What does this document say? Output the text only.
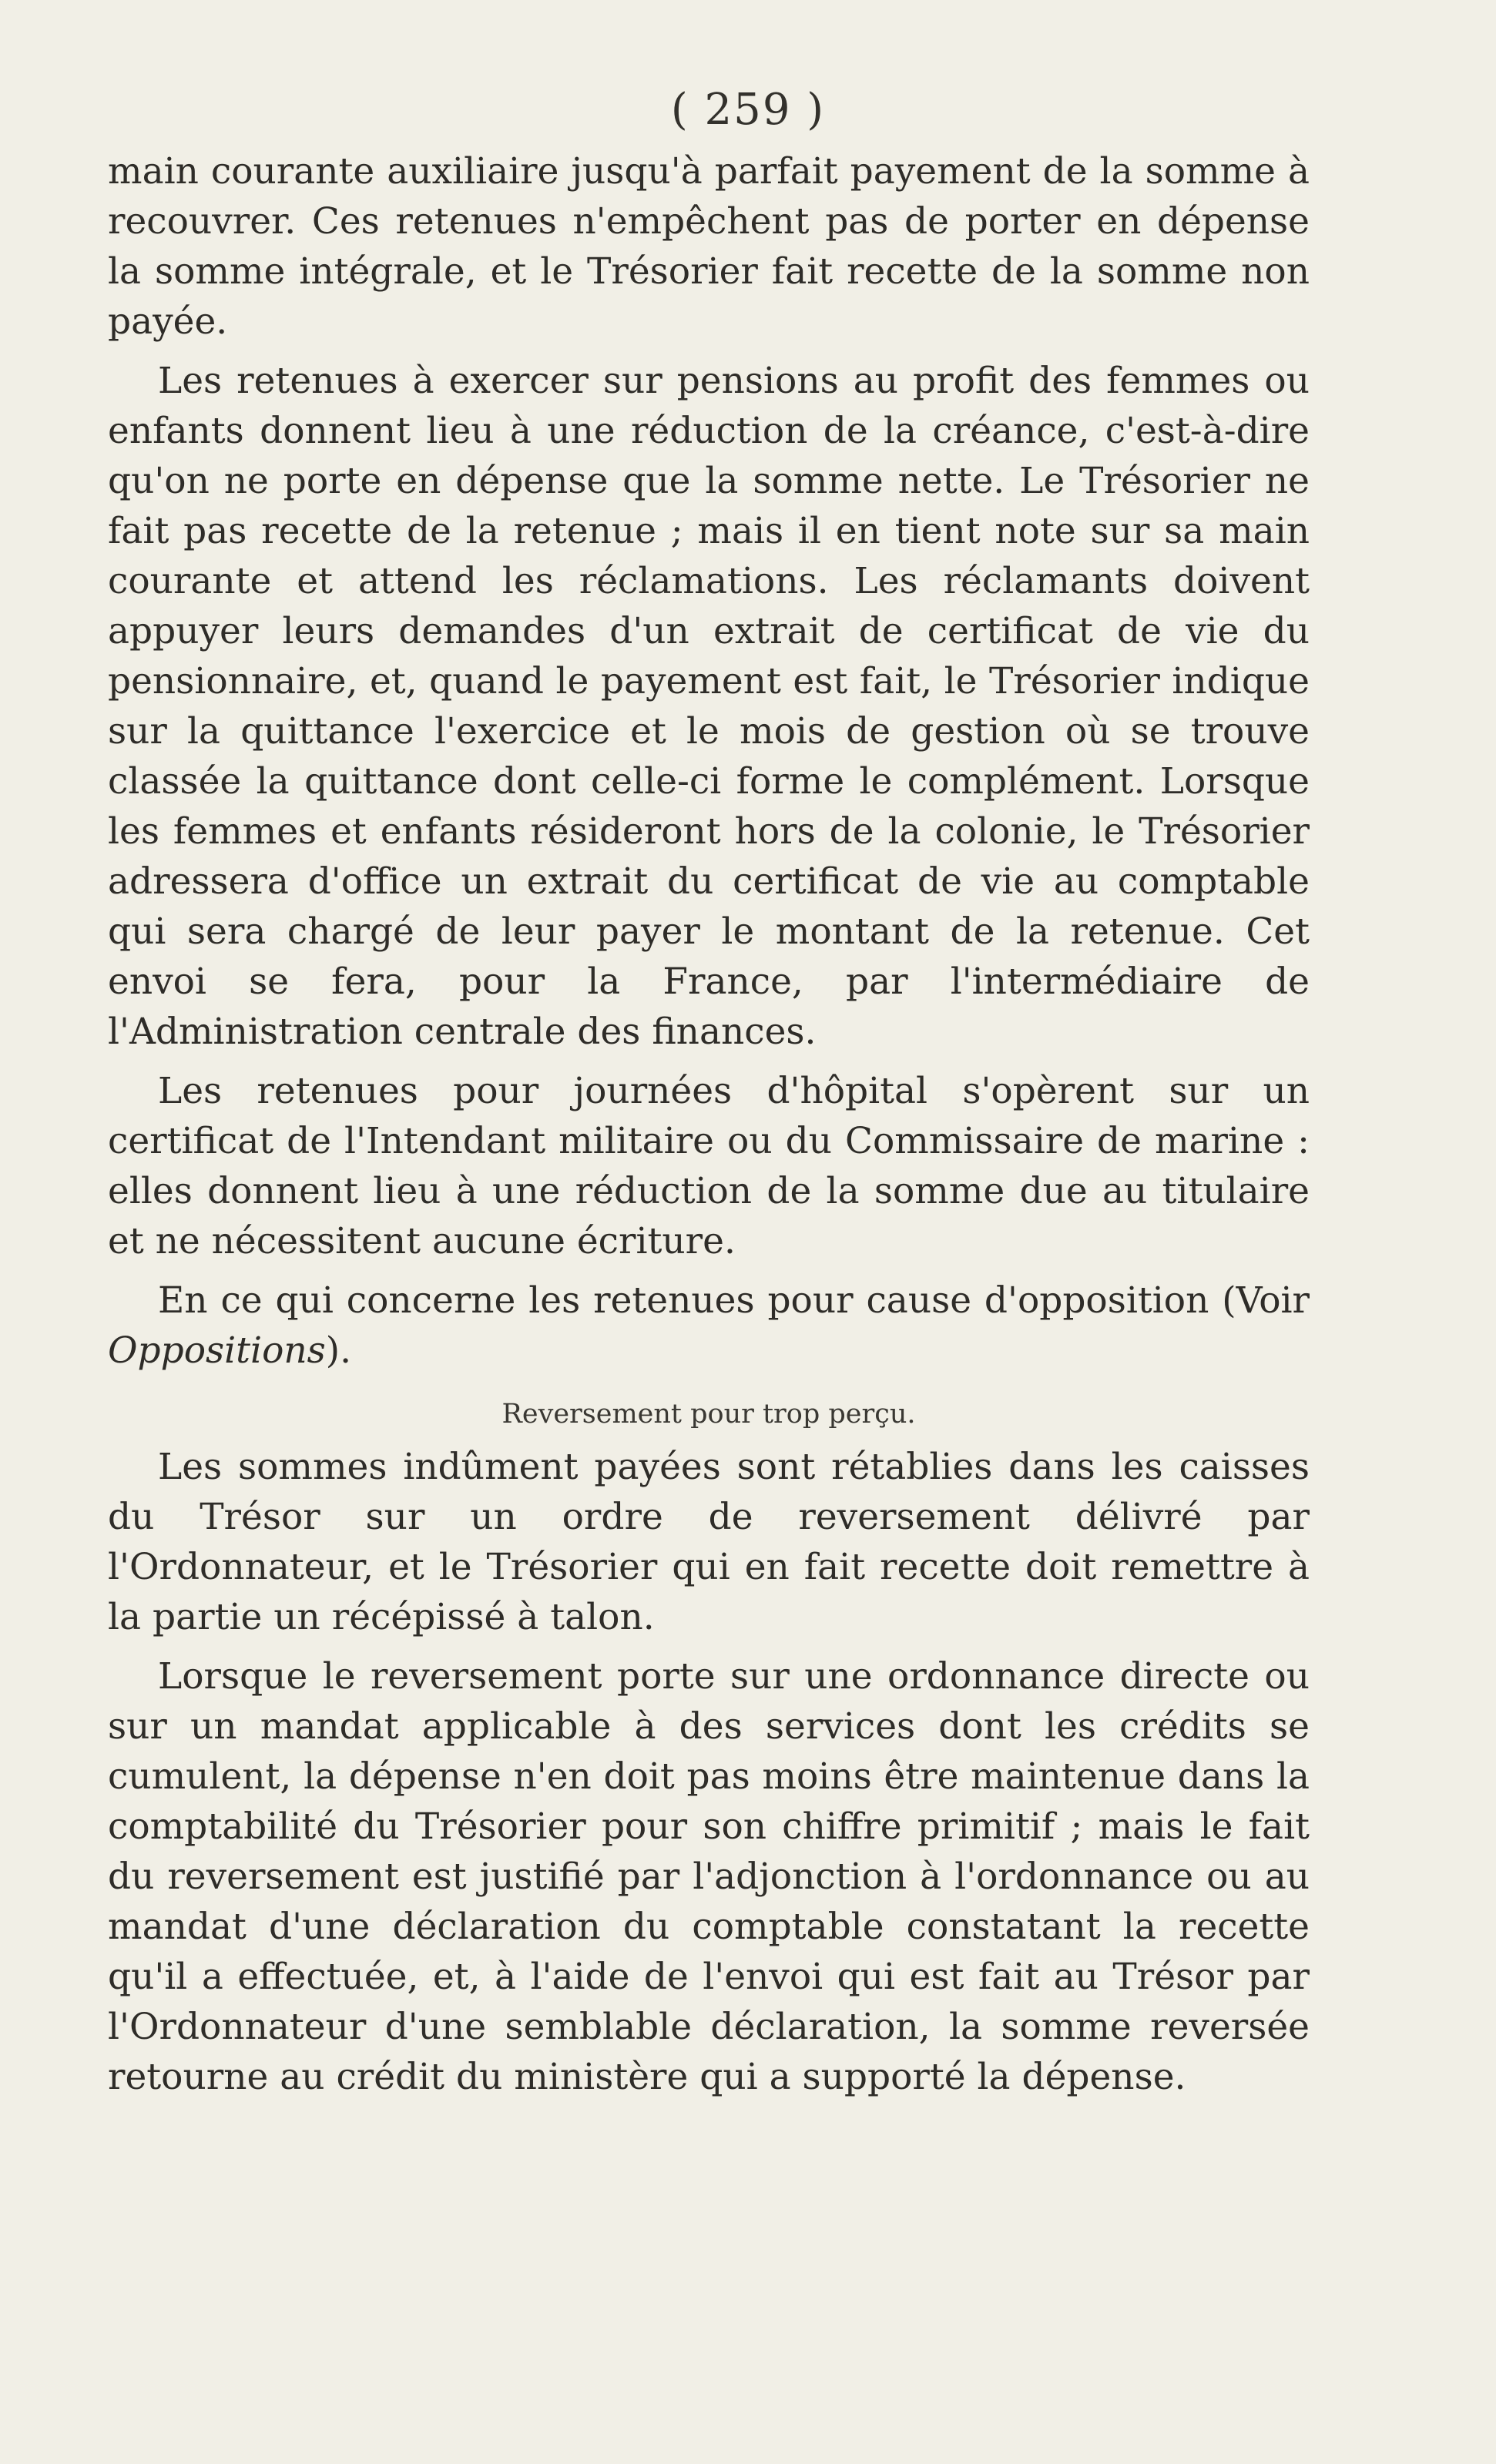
( 259 )

main courante auxiliaire jusqu'à parfait payement de la somme à recouvrer. Ces retenues n'empêchent pas de porter en dépense la somme intégrale, et le Trésorier fait recette de la somme non payée.

Les retenues à exercer sur pensions au profit des femmes ou enfants donnent lieu à une réduction de la créance, c'est-à-dire qu'on ne porte en dépense que la somme nette. Le Trésorier ne fait pas recette de la retenue ; mais il en tient note sur sa main courante et attend les réclamations. Les réclamants doivent appuyer leurs demandes d'un extrait de certificat de vie du pensionnaire, et, quand le payement est fait, le Trésorier indique sur la quittance l'exercice et le mois de gestion où se trouve classée la quittance dont celle-ci forme le complément. Lorsque les femmes et enfants résideront hors de la colonie, le Trésorier adressera d'office un extrait du certificat de vie au comptable qui sera chargé de leur payer le montant de la retenue. Cet envoi se fera, pour la France, par l'intermédiaire de l'Administration centrale des finances.

Les retenues pour journées d'hôpital s'opèrent sur un certificat de l'Intendant militaire ou du Commissaire de marine : elles donnent lieu à une réduction de la somme due au titulaire et ne nécessitent aucune écriture.

En ce qui concerne les retenues pour cause d'opposition (Voir Oppositions).

Reversement pour trop perçu.

Les sommes indûment payées sont rétablies dans les caisses du Trésor sur un ordre de reversement délivré par l'Ordonnateur, et le Trésorier qui en fait recette doit remettre à la partie un récépissé à talon.

Lorsque le reversement porte sur une ordonnance directe ou sur un mandat applicable à des services dont les crédits se cumulent, la dépense n'en doit pas moins être maintenue dans la comptabilité du Trésorier pour son chiffre primitif ; mais le fait du reversement est justifié par l'adjonction à l'ordonnance ou au mandat d'une déclaration du comptable constatant la recette qu'il a effectuée, et, à l'aide de l'envoi qui est fait au Trésor par l'Ordonnateur d'une semblable déclaration, la somme reversée retourne au crédit du ministère qui a supporté la dépense.
